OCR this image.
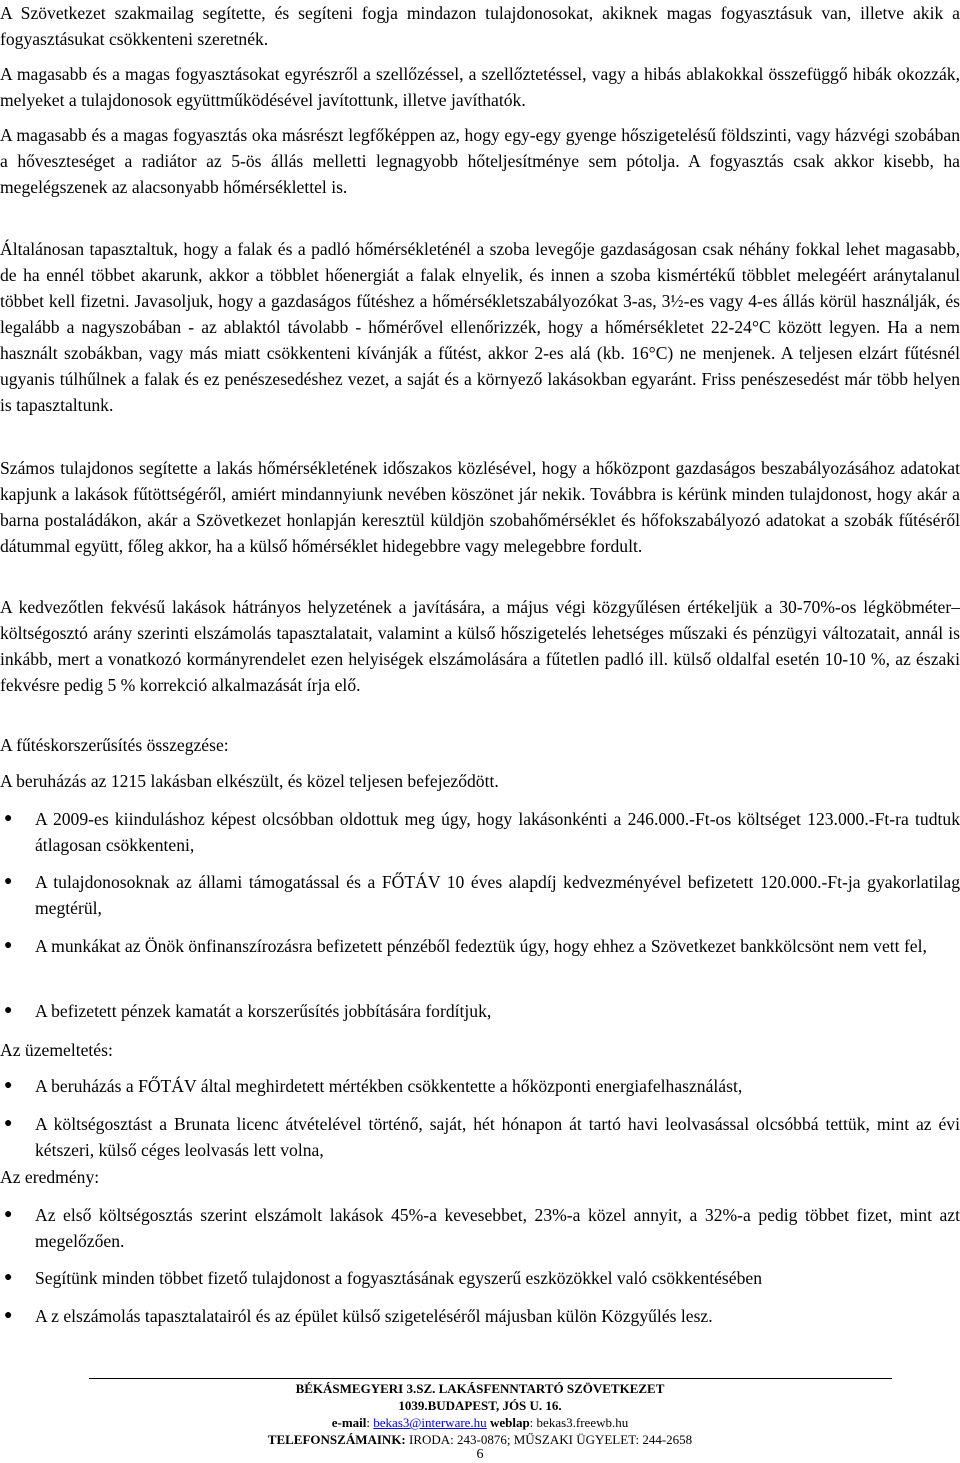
A Szövetkezet szakmailag segítette, és segíteni fogja mindazon tulajdonosokat, akiknek magas fogyasztásuk van, illetve akik a fogyasztásukat csökkenteni szeretnék.

A magasabb és a magas fogyasztásokat egyrészről a szellőzéssel, a szellőztetéssel, vagy a hibás ablakokkal összefüggő hibák okozzák, melyeket a tulajdonosok együttműködésével javítottunk, illetve javíthatók.

A magasabb és a magas fogyasztás oka másrészt legfőképpen az, hogy egy-egy gyenge hőszigetelésű földszinti, vagy házvégi szobában a hőveszteséget a radiátor az 5-ös állás melletti legnagyobb hőteljesítménye sem pótolja. A fogyasztás csak akkor kisebb, ha megelégszenek az alacsonyabb hőmérséklettel is.

Általánosan tapasztaltuk, hogy a falak és a padló hőmérsékleténél a szoba levegője gazdaságosan csak néhány fokkal lehet magasabb, de ha ennél többet akarunk, akkor a többlet hőenergiát a falak elnyelik, és innen a szoba kismértékű többlet melegéért aránytalanul többet kell fizetni. Javasoljuk, hogy a gazdaságos fűtéshez a hőmérsékletszabályozókat 3-as, 3½-es vagy 4-es állás körül használják, és legalább a nagyszobában - az ablaktól távolabb - hőmérővel ellenőrizzék, hogy a hőmérsékletet 22-24°C között legyen. Ha a nem használt szobákban, vagy más miatt csökkenteni kívánják a fűtést, akkor 2-es alá (kb. 16°C) ne menjenek. A teljesen elzárt fűtésnél ugyanis túlhűlnek a falak és ez penészesedéshez vezet, a saját és a környező lakásokban egyaránt. Friss penészesedést már több helyen is tapasztaltunk.

Számos tulajdonos segítette a lakás hőmérsékletének időszakos közlésével, hogy a hőközpont gazdaságos beszabályozásához adatokat kapjunk a lakások fűtöttségéről, amiért mindannyiunk nevében köszönet jár nekik. Továbbra is kérünk minden tulajdonost, hogy akár a barna postaládákon, akár a Szövetkezet honlapján keresztül küldjön szobahőmérséklet és hőfokszabályozó adatokat a szobák fűtéséről dátummal együtt, főleg akkor, ha a külső hőmérséklet hidegebbre vagy melegebbre fordult.

A kedvezőtlen fekvésű lakások hátrányos helyzetének a javítására, a május végi közgyűlésen értékeljük a 30-70%-os légköbméter–költségosztó arány szerinti elszámolás tapasztalatait, valamint a külső hőszigetelés lehetséges műszaki és pénzügyi változatait, annál is inkább, mert a vonatkozó kormányrendelet ezen helyiségek elszámolására a fűtetlen padló ill. külső oldalfal esetén 10-10 %, az északi fekvésre pedig 5 % korrekció alkalmazását írja elő.

A fűtéskorszerűsítés összegzése:

A beruházás az 1215 lakásban elkészült, és közel teljesen befejeződött.

● A 2009-es kiinduláshoz képest olcsóbban oldottuk meg úgy, hogy lakásonkénti a 246.000.-Ft-os költséget 123.000.-Ft-ra tudtuk átlagosan csökkenteni,

● A tulajdonosoknak az állami támogatással és a FŐTÁV 10 éves alapdíj kedvezményével befizetett 120.000.-Ft-ja gyakorlatilag megtérül,

● A munkákat az Önök önfinanszírozásra befizetett pénzéből fedeztük úgy, hogy ehhez a Szövetkezet bankkölcsönt nem vett fel,

● A befizetett pénzek kamatát a korszerűsítés jobbítására fordítjuk,

Az üzemeltetés:

● A beruházás a FŐTÁV által meghirdetett mértékben csökkentette a hőközponti energiafelhasználást,

● A költségosztást a Brunata licenc átvételével történő, saját, hét hónapon át tartó havi leolvasással olcsóbbá tettük, mint az évi kétszeri, külső céges leolvasás lett volna,

Az eredmény:

● Az első költségosztás szerint elszámolt lakások 45%-a kevesebbet, 23%-a közel annyit, a 32%-a pedig többet fizet, mint azt megelőzően.

● Segítünk minden többet fizető tulajdonost a fogyasztásának egyszerű eszközökkel való csökkentésében

● A z elszámolás tapasztalatairól és az épület külső szigeteléséről májusban külön Közgyűlés lesz.

BÉKÁSMEGYERI 3.SZ. LAKÁSFENNTARTÓ SZÖVETKEZET
1039.BUDAPEST, JÓS U. 16.
e-mail: bekas3@interware.hu weblap: bekas3.freewb.hu
TELEFONSZÁMAINK: IRODA: 243-0876; MŰSZAKI ÜGYELET: 244-2658
6
